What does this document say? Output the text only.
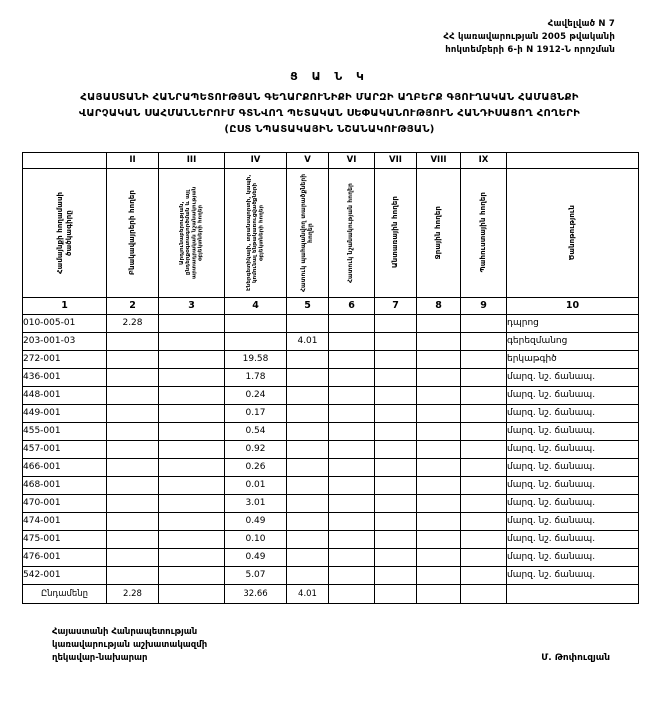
Հավելված N 7
ՀՀ կառավարության 2005 թվականի
հոկտեմբերի 6-ի N 1912-Ն որոշման
Ց Ա Ն Կ
ՀԱՅԱՍՏԱՆԻ ՀԱՆՐԱՊԵՏՈՒԹՅԱՆ ԳԵՂԱՐՔՈՒՆԻՔԻ ՄԱՐԶԻ ԱՂԲԵՐՔ ԳՅՈՒՂԱԿԱՆ ՀԱՄԱՅՆՔԻ
ՎԱՐՉԱԿԱՆ ՍԱՀՄԱՆՆԵՐՈՒՄ ԳՏՆՎՈՂ ՊԵՏԱԿԱՆ ՍԵՓԱԿԱՆՈՒԹՅՈՒՆ ՀԱՆԴԻՍԱՑՈՂ ՀՈՂԵՐԻ
(ԸՍՏ ՆՊԱՏԱԿԱՅԻՆ ՆՇԱՆԱԿՈՒԹՅԱՆ)
	II	III	IV	V	VI	VII	VIII	IX	

Համայնքի հողամասի ծածկագիրը	Բնակավայրերի հողեր	Արդյունաբերության, ընդերքօգտագործման և այլ արտադրական նշանակության օբյեկտների հողեր	Էներգետիկայի, տրանսպորտի, կապի, կոմունալ ենթակառուցվածքների օբյեկտների հողեր	Հատուկ պահպանվող տարածքների հողեր	Հատուկ նշանակության հողեր	Անտառային հողեր	Ջրային հողեր	Պահուստային հողեր	Ծանոթություն

1	2	3	4	5	6	7	8	9	10
010-005-01	2.28								դպրոց
203-001-03				4.01					գերեզմանոց
272-001			19.58						երկաթգիծ
436-001			1.78						մարզ. նշ. ճանապ.
448-001			0.24						մարզ. նշ. ճանապ.
449-001			0.17						մարզ. նշ. ճանապ.
455-001			0.54						մարզ. նշ. ճանապ.
457-001			0.92						մարզ. նշ. ճանապ.
466-001			0.26						մարզ. նշ. ճանապ.
468-001			0.01						մարզ. նշ. ճանապ.
470-001			3.01						մարզ. նշ. ճանապ.
474-001			0.49						մարզ. նշ. ճանապ.
475-001			0.10						մարզ. նշ. ճանապ.
476-001			0.49						մարզ. նշ. ճանապ.
542-001			5.07						մարզ. նշ. ճանապ.
Ընդամենը	2.28		32.66	4.01					
Հայաստանի Հանրապետության
կառավարության աշխատակազմի
ղեկավար-նախարար	Մ. Թոփուզյան
